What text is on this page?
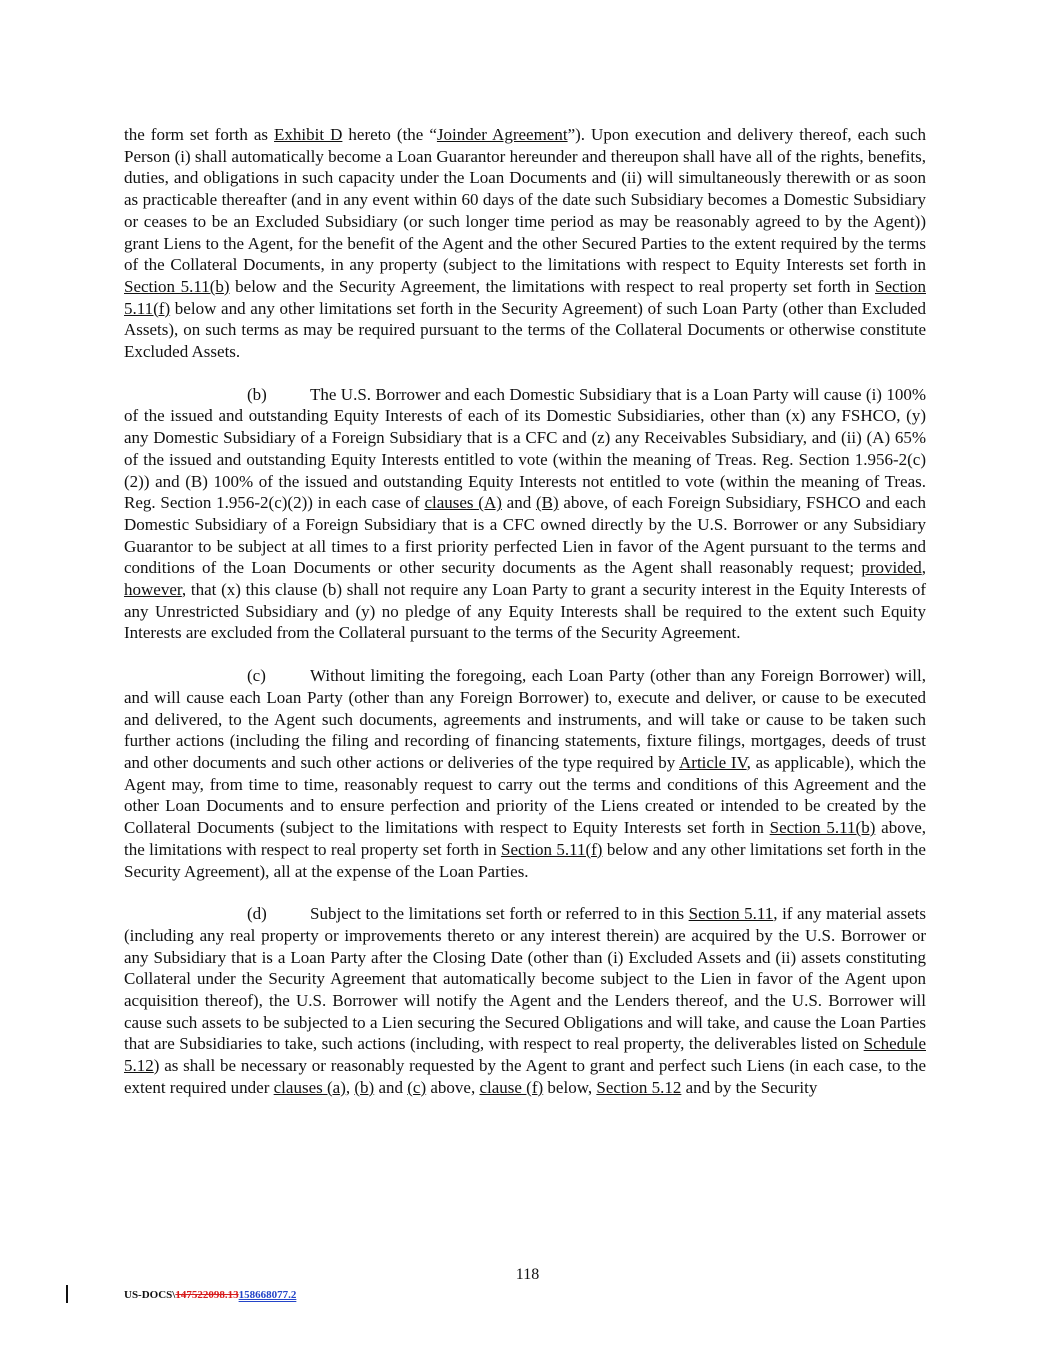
the form set forth as Exhibit D hereto (the “Joinder Agreement”). Upon execution and delivery thereof, each such Person (i) shall automatically become a Loan Guarantor hereunder and thereupon shall have all of the rights, benefits, duties, and obligations in such capacity under the Loan Documents and (ii) will simultaneously therewith or as soon as practicable thereafter (and in any event within 60 days of the date such Subsidiary becomes a Domestic Subsidiary or ceases to be an Excluded Subsidiary (or such longer time period as may be reasonably agreed to by the Agent)) grant Liens to the Agent, for the benefit of the Agent and the other Secured Parties to the extent required by the terms of the Collateral Documents, in any property (subject to the limitations with respect to Equity Interests set forth in Section 5.11(b) below and the Security Agreement, the limitations with respect to real property set forth in Section 5.11(f) below and any other limitations set forth in the Security Agreement) of such Loan Party (other than Excluded Assets), on such terms as may be required pursuant to the terms of the Collateral Documents or otherwise constitute Excluded Assets.

(b)	The U.S. Borrower and each Domestic Subsidiary that is a Loan Party will cause (i) 100% of the issued and outstanding Equity Interests of each of its Domestic Subsidiaries, other than (x) any FSHCO, (y) any Domestic Subsidiary of a Foreign Subsidiary that is a CFC and (z) any Receivables Subsidiary, and (ii) (A) 65% of the issued and outstanding Equity Interests entitled to vote (within the meaning of Treas. Reg. Section 1.956-2(c)(2)) and (B) 100% of the issued and outstanding Equity Interests not entitled to vote (within the meaning of Treas. Reg. Section 1.956-2(c)(2)) in each case of clauses (A) and (B) above, of each Foreign Subsidiary, FSHCO and each Domestic Subsidiary of a Foreign Subsidiary that is a CFC owned directly by the U.S. Borrower or any Subsidiary Guarantor to be subject at all times to a first priority perfected Lien in favor of the Agent pursuant to the terms and conditions of the Loan Documents or other security documents as the Agent shall reasonably request; provided, however, that (x) this clause (b) shall not require any Loan Party to grant a security interest in the Equity Interests of any Unrestricted Subsidiary and (y) no pledge of any Equity Interests shall be required to the extent such Equity Interests are excluded from the Collateral pursuant to the terms of the Security Agreement.

(c)	Without limiting the foregoing, each Loan Party (other than any Foreign Borrower) will, and will cause each Loan Party (other than any Foreign Borrower) to, execute and deliver, or cause to be executed and delivered, to the Agent such documents, agreements and instruments, and will take or cause to be taken such further actions (including the filing and recording of financing statements, fixture filings, mortgages, deeds of trust and other documents and such other actions or deliveries of the type required by Article IV, as applicable), which the Agent may, from time to time, reasonably request to carry out the terms and conditions of this Agreement and the other Loan Documents and to ensure perfection and priority of the Liens created or intended to be created by the Collateral Documents (subject to the limitations with respect to Equity Interests set forth in Section 5.11(b) above, the limitations with respect to real property set forth in Section 5.11(f) below and any other limitations set forth in the Security Agreement), all at the expense of the Loan Parties.

(d)	Subject to the limitations set forth or referred to in this Section 5.11, if any material assets (including any real property or improvements thereto or any interest therein) are acquired by the U.S. Borrower or any Subsidiary that is a Loan Party after the Closing Date (other than (i) Excluded Assets and (ii) assets constituting Collateral under the Security Agreement that automatically become subject to the Lien in favor of the Agent upon acquisition thereof), the U.S. Borrower will notify the Agent and the Lenders thereof, and the U.S. Borrower will cause such assets to be subjected to a Lien securing the Secured Obligations and will take, and cause the Loan Parties that are Subsidiaries to take, such actions (including, with respect to real property, the deliverables listed on Schedule 5.12) as shall be necessary or reasonably requested by the Agent to grant and perfect such Liens (in each case, to the extent required under clauses (a), (b) and (c) above, clause (f) below, Section 5.12 and by the Security

118
US-DOCS\147522098.13158668077.2
